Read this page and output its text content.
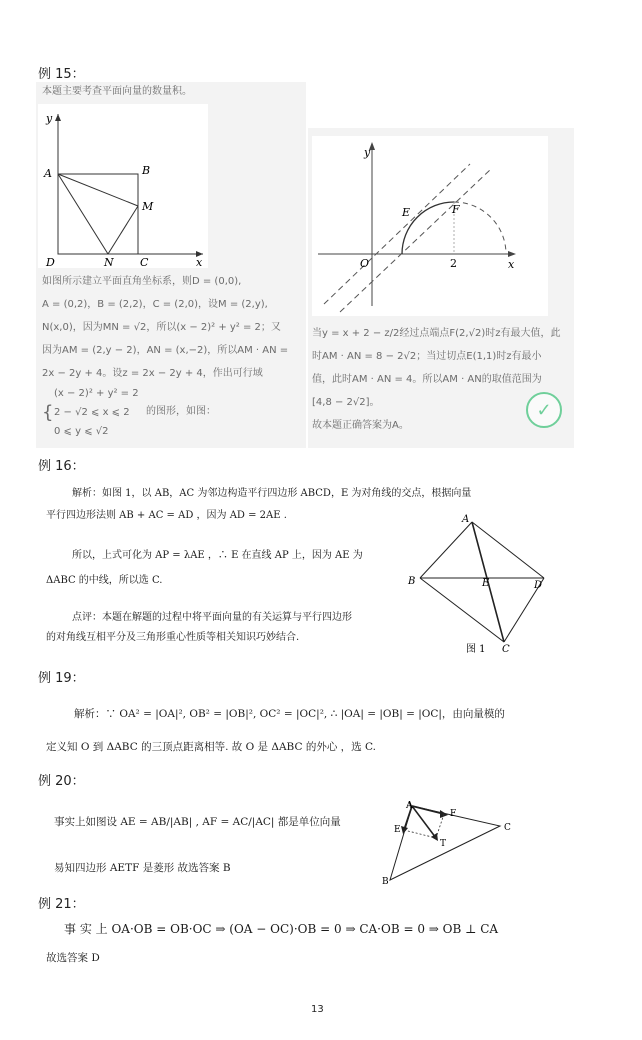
例 15：
本题主要考查平面向量的数量积。
y
x
A	B
M
D	N C
如图所示建立平面直角坐标系，则D = (0,0),
A = (0,2)，B = (2,2)，C = (2,0)，设M = (2,y),
N(x,0)，因为MN = √2，所以(x − 2)² + y² = 2；又
因为AM = (2,y − 2)，AN = (x,−2)，所以AM · AN =
2x − 2y + 4。设z = 2x − 2y + 4，作出可行域
{
(x − 2)² + y² = 2
2 − √2 ⩽ x ⩽ 2
0 ⩽ y ⩽ √2
的图形，如图：
y
x
O
E	F
2
当y = x + 2 − z/2经过点端点F(2,√2)时z有最大值，此
时AM · AN = 8 − 2√2；当过切点E(1,1)时z有最小
值，此时AM · AN = 4。所以AM · AN的取值范围为
[4,8 − 2√2]。
故本题正确答案为A。
✓
例 16：
解析：如图 1，以 AB，AC 为邻边构造平行四边形 ABCD，E 为对角线的交点，根据向量
平行四边形法则 AB + AC = AD ，因为 AD = 2AE .
所以，上式可化为 AP = λAE ，∴ E 在直线 AP 上，因为 AE 为
ΔABC 的中线，所以选 C.
点评：本题在解题的过程中将平面向量的有关运算与平行四边形
的对角线互相平分及三角形重心性质等相关知识巧妙结合.
A
B	E	D
C
图 1
例 19：
解析：∵ OA² = |OA|², OB² = |OB|², OC² = |OC|², ∴ |OA| = |OB| = |OC|，由向量模的
定义知 O 到 ΔABC 的三顶点距离相等. 故 O 是 ΔABC 的外心 ，选 C.
例 20：
事实上如图设 AE = AB/|AB| , AF = AC/|AC| 都是单位向量
易知四边形 AETF 是菱形 故选答案 B
A
F
E
T
C
B
例 21：
事 实 上 OA·OB = OB·OC ⇒ (OA − OC)·OB = 0 ⇒ CA·OB = 0 ⇒ OB ⊥ CA
故选答案 D
13
